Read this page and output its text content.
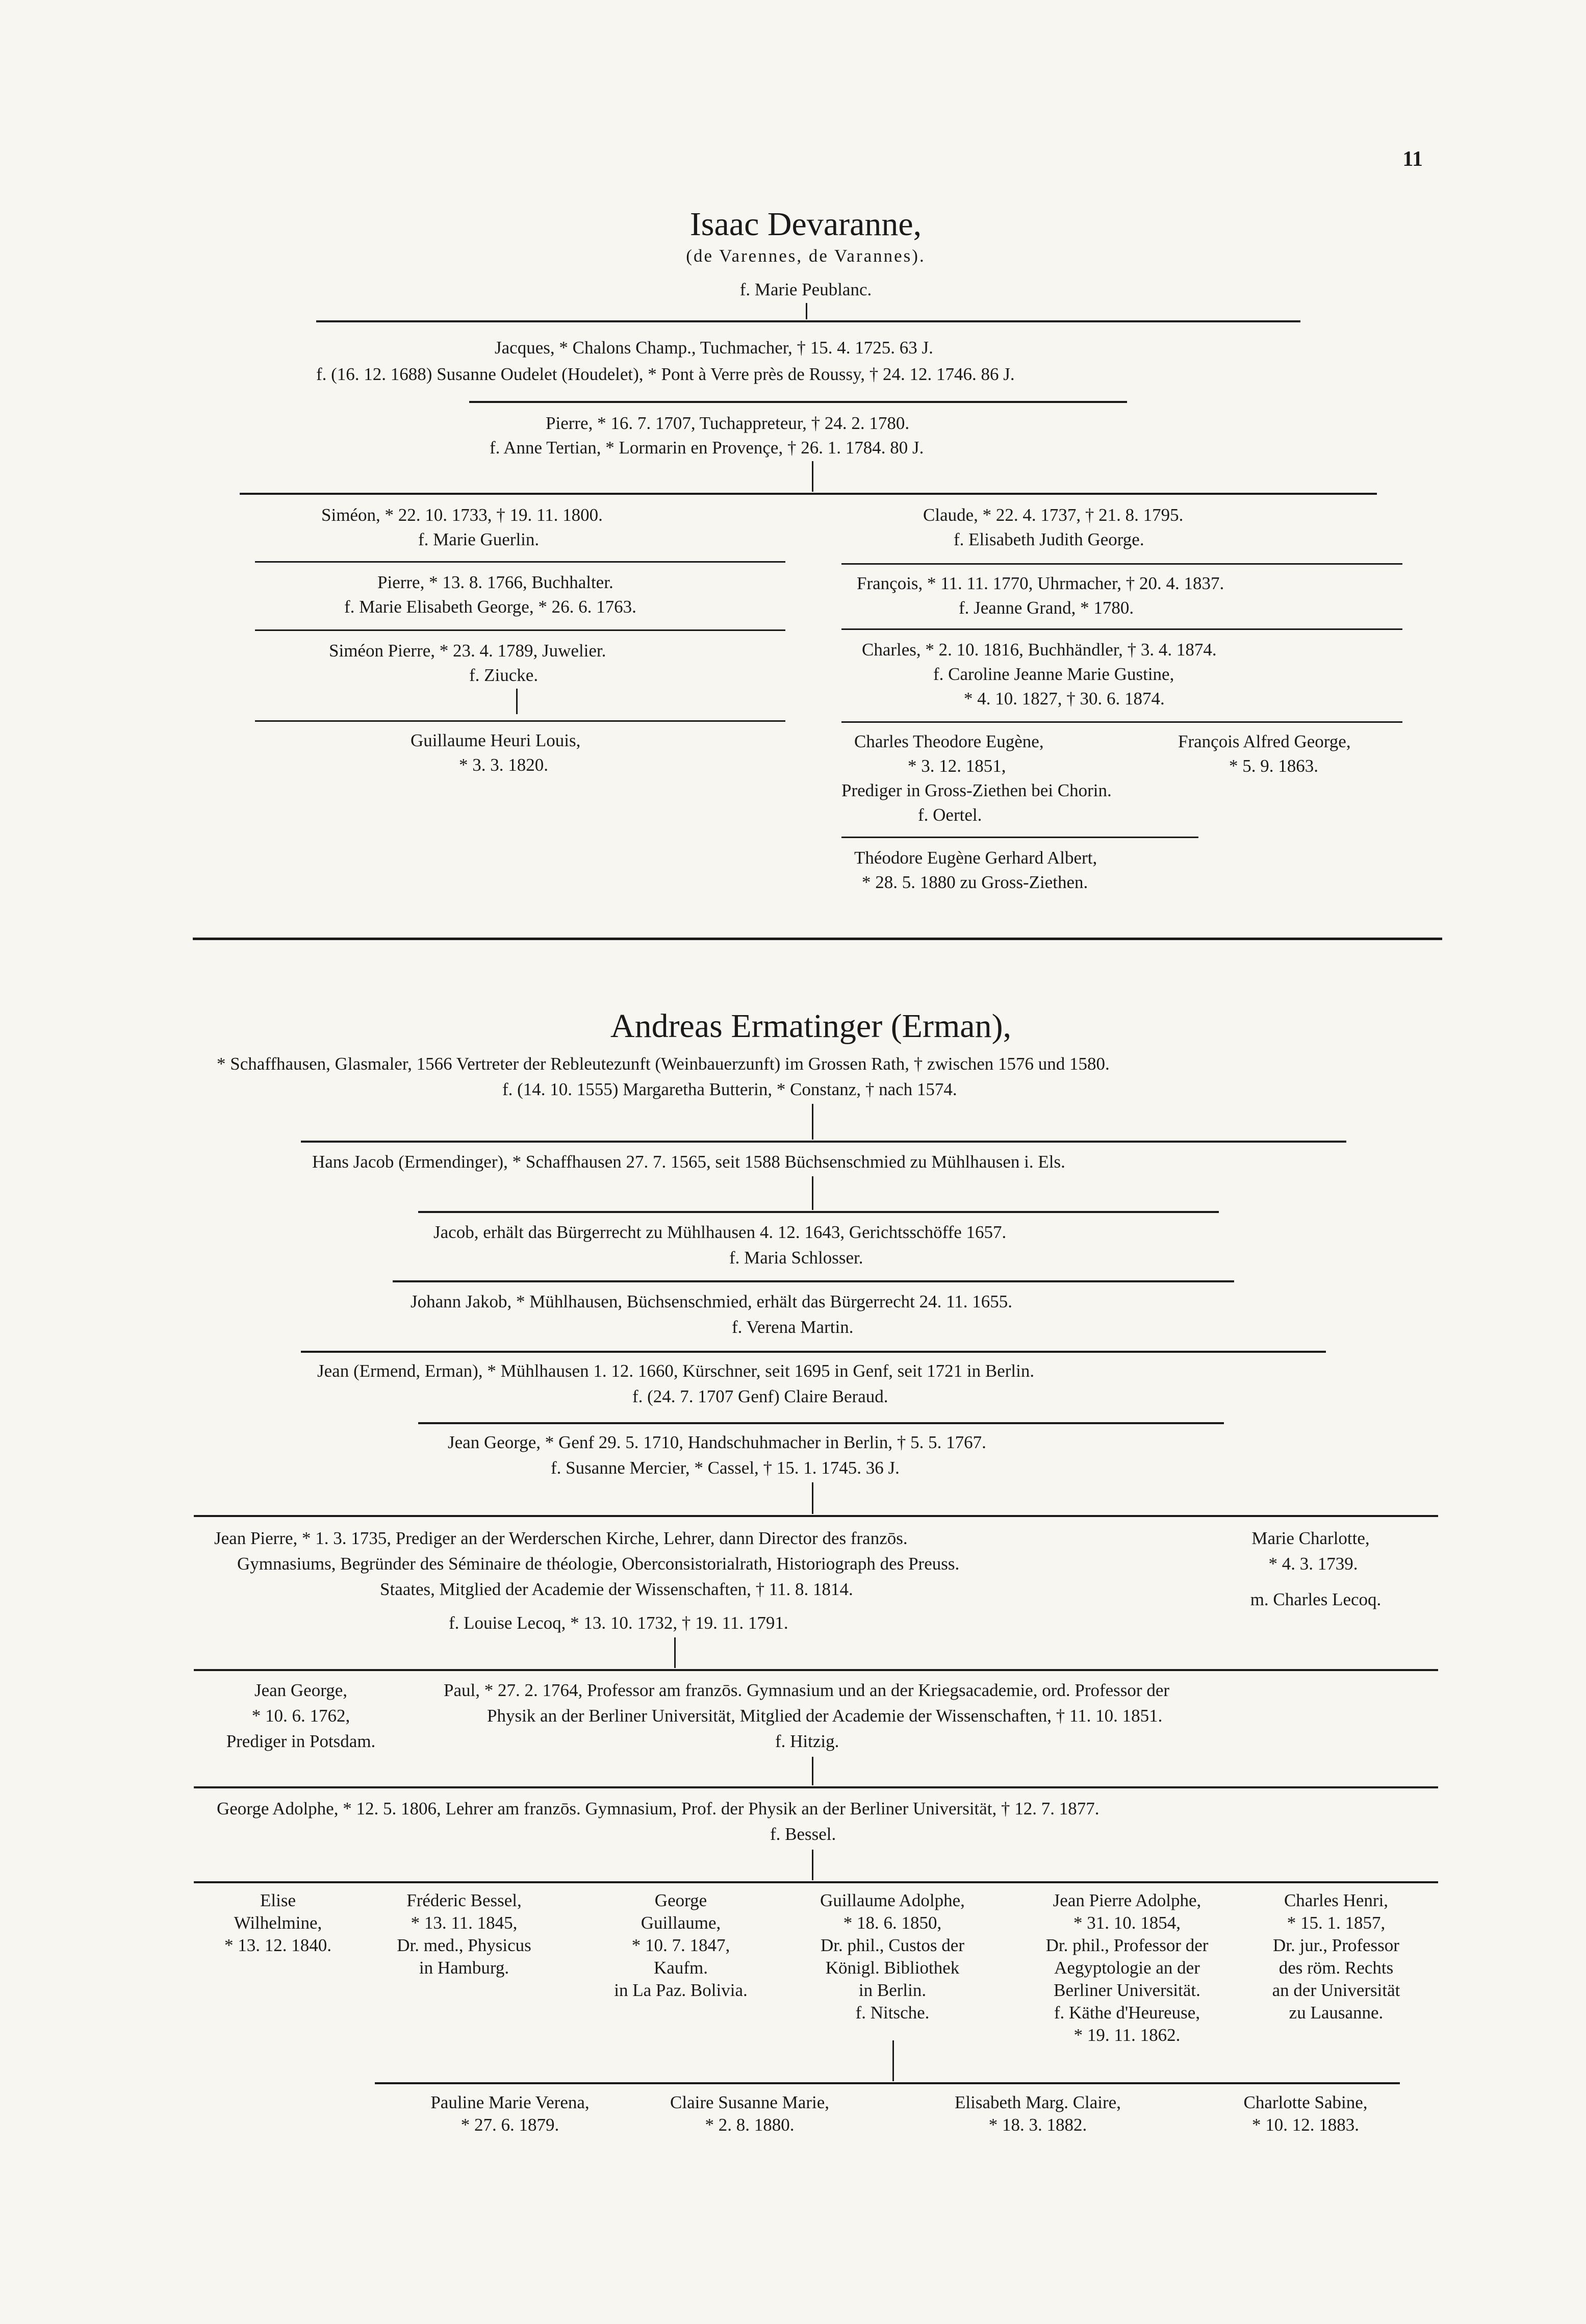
11
Isaac Devaranne,
(de Varennes, de Varannes).
f. Marie Peublanc.
Jacques, * Chalons Champ., Tuchmacher, † 15. 4. 1725. 63 J.
f. (16. 12. 1688) Susanne Oudelet (Houdelet), * Pont à Verre près de Roussy, † 24. 12. 1746. 86 J.
Pierre, * 16. 7. 1707, Tuchappreteur, † 24. 2. 1780.
f. Anne Tertian, * Lormarin en Provençe, † 26. 1. 1784. 80 J.
Siméon, * 22. 10. 1733, † 19. 11. 1800.
f. Marie Guerlin.
Pierre, * 13. 8. 1766, Buchhalter.
f. Marie Elisabeth George, * 26. 6. 1763.
Siméon Pierre, * 23. 4. 1789, Juwelier.
f. Ziucke.
Guillaume Heuri Louis,
* 3. 3. 1820.
Claude, * 22. 4. 1737, † 21. 8. 1795.
f. Elisabeth Judith George.
François, * 11. 11. 1770, Uhrmacher, † 20. 4. 1837.
f. Jeanne Grand, * 1780.
Charles, * 2. 10. 1816, Buchhändler, † 3. 4. 1874.
f. Caroline Jeanne Marie Gustine,
* 4. 10. 1827, † 30. 6. 1874.
Charles Theodore Eugène,
* 3. 12. 1851,
Prediger in Gross-Ziethen bei Chorin.
f. Oertel.
François Alfred George,
* 5. 9. 1863.
Théodore Eugène Gerhard Albert,
* 28. 5. 1880 zu Gross-Ziethen.
Andreas Ermatinger (Erman),
* Schaffhausen, Glasmaler, 1566 Vertreter der Rebleutezunft (Weinbauerzunft) im Grossen Rath, † zwischen 1576 und 1580.
f. (14. 10. 1555) Margaretha Butterin, * Constanz, † nach 1574.
Hans Jacob (Ermendinger), * Schaffhausen 27. 7. 1565, seit 1588 Büchsenschmied zu Mühlhausen i. Els.
Jacob, erhält das Bürgerrecht zu Mühlhausen 4. 12. 1643, Gerichtsschöffe 1657.
f. Maria Schlosser.
Johann Jakob, * Mühlhausen, Büchsenschmied, erhält das Bürgerrecht 24. 11. 1655.
f. Verena Martin.
Jean (Ermend, Erman), * Mühlhausen 1. 12. 1660, Kürschner, seit 1695 in Genf, seit 1721 in Berlin.
f. (24. 7. 1707 Genf) Claire Beraud.
Jean George, * Genf 29. 5. 1710, Handschuhmacher in Berlin, † 5. 5. 1767.
f. Susanne Mercier, * Cassel, † 15. 1. 1745. 36 J.
Jean Pierre, * 1. 3. 1735, Prediger an der Werderschen Kirche, Lehrer, dann Director des franzōs.
Gymnasiums, Begründer des Séminaire de théologie, Oberconsistorialrath, Historiograph des Preuss.
Staates, Mitglied der Academie der Wissenschaften, † 11. 8. 1814.
f. Louise Lecoq, * 13. 10. 1732, † 19. 11. 1791.
Marie Charlotte,
* 4. 3. 1739.
m. Charles Lecoq.
Jean George,
* 10. 6. 1762,
Prediger in Potsdam.
Paul, * 27. 2. 1764, Professor am franzōs. Gymnasium und an der Kriegsacademie, ord. Professor der
Physik an der Berliner Universität, Mitglied der Academie der Wissenschaften, † 11. 10. 1851.
f. Hitzig.
George Adolphe, * 12. 5. 1806, Lehrer am franzōs. Gymnasium, Prof. der Physik an der Berliner Universität, † 12. 7. 1877.
f. Bessel.
Elise
Wilhelmine,
* 13. 12. 1840.
Fréderic Bessel,
* 13. 11. 1845,
Dr. med., Physicus
in Hamburg.
George
Guillaume,
* 10. 7. 1847,
Kaufm.
in La Paz. Bolivia.
Guillaume Adolphe,
* 18. 6. 1850,
Dr. phil., Custos der
Königl. Bibliothek
in Berlin.
f. Nitsche.
Jean Pierre Adolphe,
* 31. 10. 1854,
Dr. phil., Professor der
Aegyptologie an der
Berliner Universität.
f. Käthe d'Heureuse,
* 19. 11. 1862.
Charles Henri,
* 15. 1. 1857,
Dr. jur., Professor
des röm. Rechts
an der Universität
zu Lausanne.
Pauline Marie Verena,
* 27. 6. 1879.
Claire Susanne Marie,
* 2. 8. 1880.
Elisabeth Marg. Claire,
* 18. 3. 1882.
Charlotte Sabine,
* 10. 12. 1883.
